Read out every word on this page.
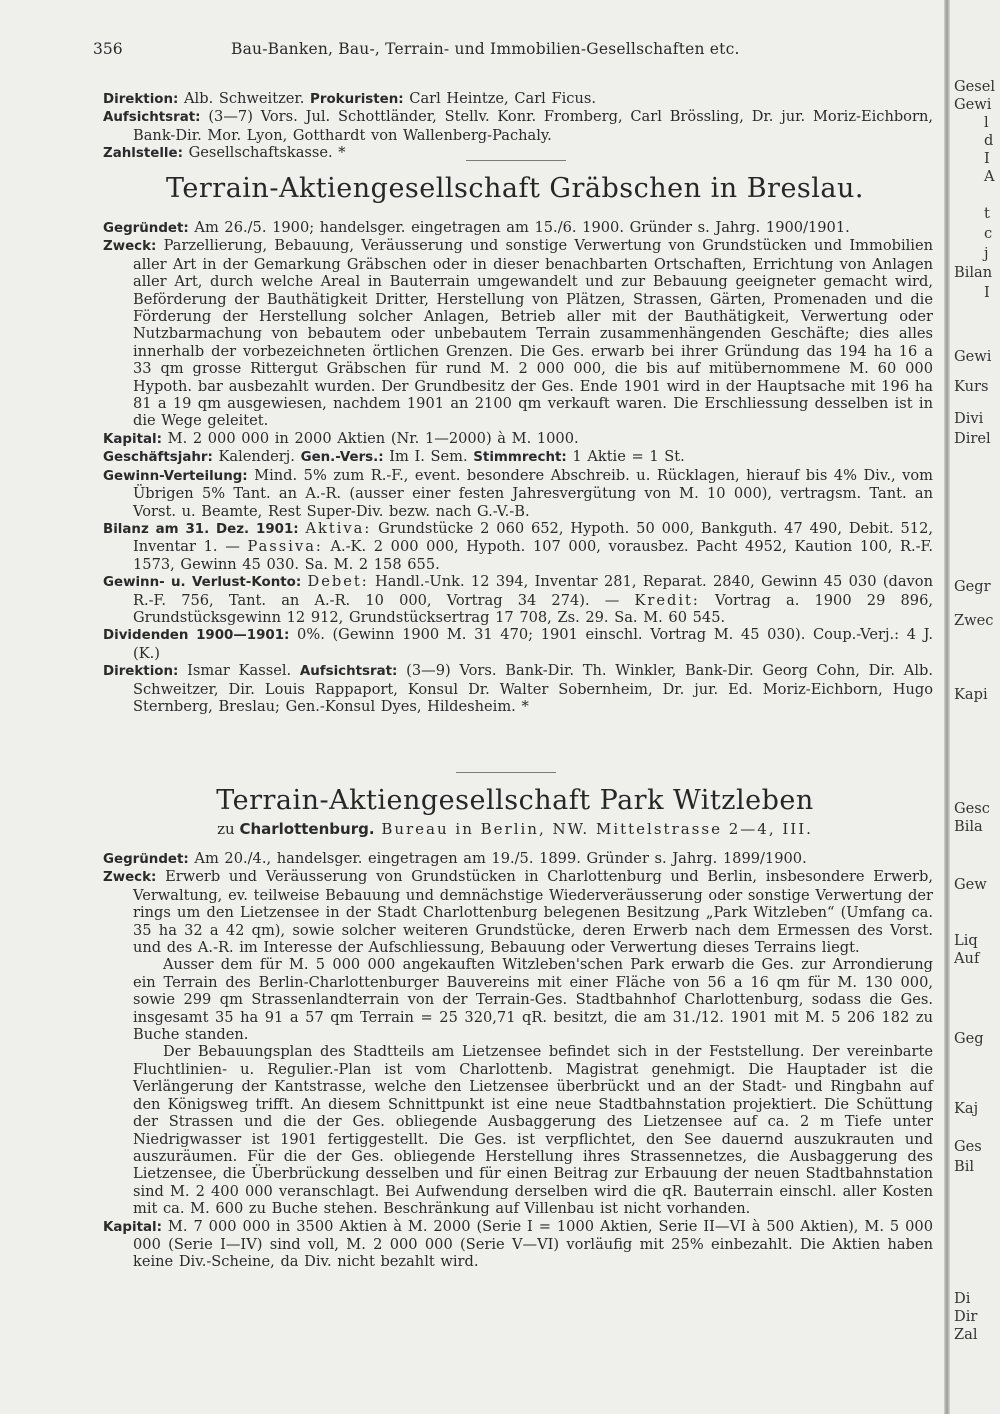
356	Bau-Banken, Bau-, Terrain- und Immobilien-Gesellschaften etc.

Direktion: Alb. Schweitzer. Prokuristen: Carl Heintze, Carl Ficus.

Aufsichtsrat: (3—7) Vors. Jul. Schottländer, Stellv. Konr. Fromberg, Carl Brössling, Dr. jur. Moriz-Eichborn, Bank-Dir. Mor. Lyon, Gotthardt von Wallenberg-Pachaly.

Zahlstelle: Gesellschaftskasse. *

Terrain-Aktiengesellschaft Gräbschen in Breslau.

Gegründet: Am 26./5. 1900; handelsger. eingetragen am 15./6. 1900. Gründer s. Jahrg. 1900/1901.

Zweck: Parzellierung, Bebauung, Veräusserung und sonstige Verwertung von Grundstücken und Immobilien aller Art in der Gemarkung Gräbschen oder in dieser benachbarten Ortschaften, Errichtung von Anlagen aller Art, durch welche Areal in Bauterrain umgewandelt und zur Bebauung geeigneter gemacht wird, Beförderung der Bauthätigkeit Dritter, Herstellung von Plätzen, Strassen, Gärten, Promenaden und die Förderung der Herstellung solcher Anlagen, Betrieb aller mit der Bauthätigkeit, Verwertung oder Nutzbarmachung von bebautem oder unbebautem Terrain zusammenhängenden Geschäfte; dies alles innerhalb der vorbezeichneten örtlichen Grenzen. Die Ges. erwarb bei ihrer Gründung das 194 ha 16 a 33 qm grosse Rittergut Gräbschen für rund M. 2 000 000, die bis auf mitübernommene M. 60 000 Hypoth. bar ausbezahlt wurden. Der Grundbesitz der Ges. Ende 1901 wird in der Hauptsache mit 196 ha 81 a 19 qm ausgewiesen, nachdem 1901 an 2100 qm verkauft waren. Die Erschliessung desselben ist in die Wege geleitet.

Kapital: M. 2 000 000 in 2000 Aktien (Nr. 1—2000) à M. 1000.

Geschäftsjahr: Kalenderj. Gen.-Vers.: Im I. Sem. Stimmrecht: 1 Aktie = 1 St.

Gewinn-Verteilung: Mind. 5% zum R.-F., event. besondere Abschreib. u. Rücklagen, hierauf bis 4% Div., vom Übrigen 5% Tant. an A.-R. (ausser einer festen Jahresvergütung von M. 10 000), vertragsm. Tant. an Vorst. u. Beamte, Rest Super-Div. bezw. nach G.-V.-B.

Bilanz am 31. Dez. 1901: Aktiva: Grundstücke 2 060 652, Hypoth. 50 000, Bankguth. 47 490, Debit. 512, Inventar 1. — Passiva: A.-K. 2 000 000, Hypoth. 107 000, vorausbez. Pacht 4952, Kaution 100, R.-F. 1573, Gewinn 45 030. Sa. M. 2 158 655.

Gewinn- u. Verlust-Konto: Debet: Handl.-Unk. 12 394, Inventar 281, Reparat. 2840, Gewinn 45 030 (davon R.-F. 756, Tant. an A.-R. 10 000, Vortrag 34 274). — Kredit: Vortrag a. 1900 29 896, Grundstücksgewinn 12 912, Grundstücksertrag 17 708, Zs. 29. Sa. M. 60 545.

Dividenden 1900—1901: 0%. (Gewinn 1900 M. 31 470; 1901 einschl. Vortrag M. 45 030). Coup.-Verj.: 4 J. (K.)

Direktion: Ismar Kassel. Aufsichtsrat: (3—9) Vors. Bank-Dir. Th. Winkler, Bank-Dir. Georg Cohn, Dir. Alb. Schweitzer, Dir. Louis Rappaport, Konsul Dr. Walter Sobernheim, Dr. jur. Ed. Moriz-Eichborn, Hugo Sternberg, Breslau; Gen.-Konsul Dyes, Hildesheim. *

Terrain-Aktiengesellschaft Park Witzleben
zu Charlottenburg. Bureau in Berlin, NW. Mittelstrasse 2—4, III.

Gegründet: Am 20./4., handelsger. eingetragen am 19./5. 1899. Gründer s. Jahrg. 1899/1900.

Zweck: Erwerb und Veräusserung von Grundstücken in Charlottenburg und Berlin, insbesondere Erwerb, Verwaltung, ev. teilweise Bebauung und demnächstige Wiederveräusserung oder sonstige Verwertung der rings um den Lietzensee in der Stadt Charlottenburg belegenen Besitzung „Park Witzleben“ (Umfang ca. 35 ha 32 a 42 qm), sowie solcher weiteren Grundstücke, deren Erwerb nach dem Ermessen des Vorst. und des A.-R. im Interesse der Aufschliessung, Bebauung oder Verwertung dieses Terrains liegt.

Ausser dem für M. 5 000 000 angekauften Witzleben'schen Park erwarb die Ges. zur Arrondierung ein Terrain des Berlin-Charlottenburger Bauvereins mit einer Fläche von 56 a 16 qm für M. 130 000, sowie 299 qm Strassenlandterrain von der Terrain-Ges. Stadtbahnhof Charlottenburg, sodass die Ges. insgesamt 35 ha 91 a 57 qm Terrain = 25 320,71 qR. besitzt, die am 31./12. 1901 mit M. 5 206 182 zu Buche standen.

Der Bebauungsplan des Stadtteils am Lietzensee befindet sich in der Feststellung. Der vereinbarte Fluchtlinien- u. Regulier.-Plan ist vom Charlottenb. Magistrat genehmigt. Die Hauptader ist die Verlängerung der Kantstrasse, welche den Lietzensee überbrückt und an der Stadt- und Ringbahn auf den Königsweg trifft. An diesem Schnittpunkt ist eine neue Stadtbahnstation projektiert. Die Schüttung der Strassen und die der Ges. obliegende Ausbaggerung des Lietzensee auf ca. 2 m Tiefe unter Niedrigwasser ist 1901 fertiggestellt. Die Ges. ist verpflichtet, den See dauernd auszukrauten und auszuräumen. Für die der Ges. obliegende Herstellung ihres Strassennetzes, die Ausbaggerung des Lietzensee, die Überbrückung desselben und für einen Beitrag zur Erbauung der neuen Stadtbahnstation sind M. 2 400 000 veranschlagt. Bei Aufwendung derselben wird die qR. Bauterrain einschl. aller Kosten mit ca. M. 600 zu Buche stehen. Beschränkung auf Villenbau ist nicht vorhanden.

Kapital: M. 7 000 000 in 3500 Aktien à M. 2000 (Serie I = 1000 Aktien, Serie II—VI à 500 Aktien), M. 5 000 000 (Serie I—IV) sind voll, M. 2 000 000 (Serie V—VI) vorläufig mit 25% einbezahlt. Die Aktien haben keine Div.-Scheine, da Div. nicht bezahlt wird.

Gesel
Gewi
l
d
I
A
t
c
j
Bilan
I
Gewi
Kurs
Divi
Direl
Gegr
Zwec
Kapi
Gesc
Bila
Gew
Liq
Auf
Geg
Kaj
Ges
Bil
Di
Dir
Zal
